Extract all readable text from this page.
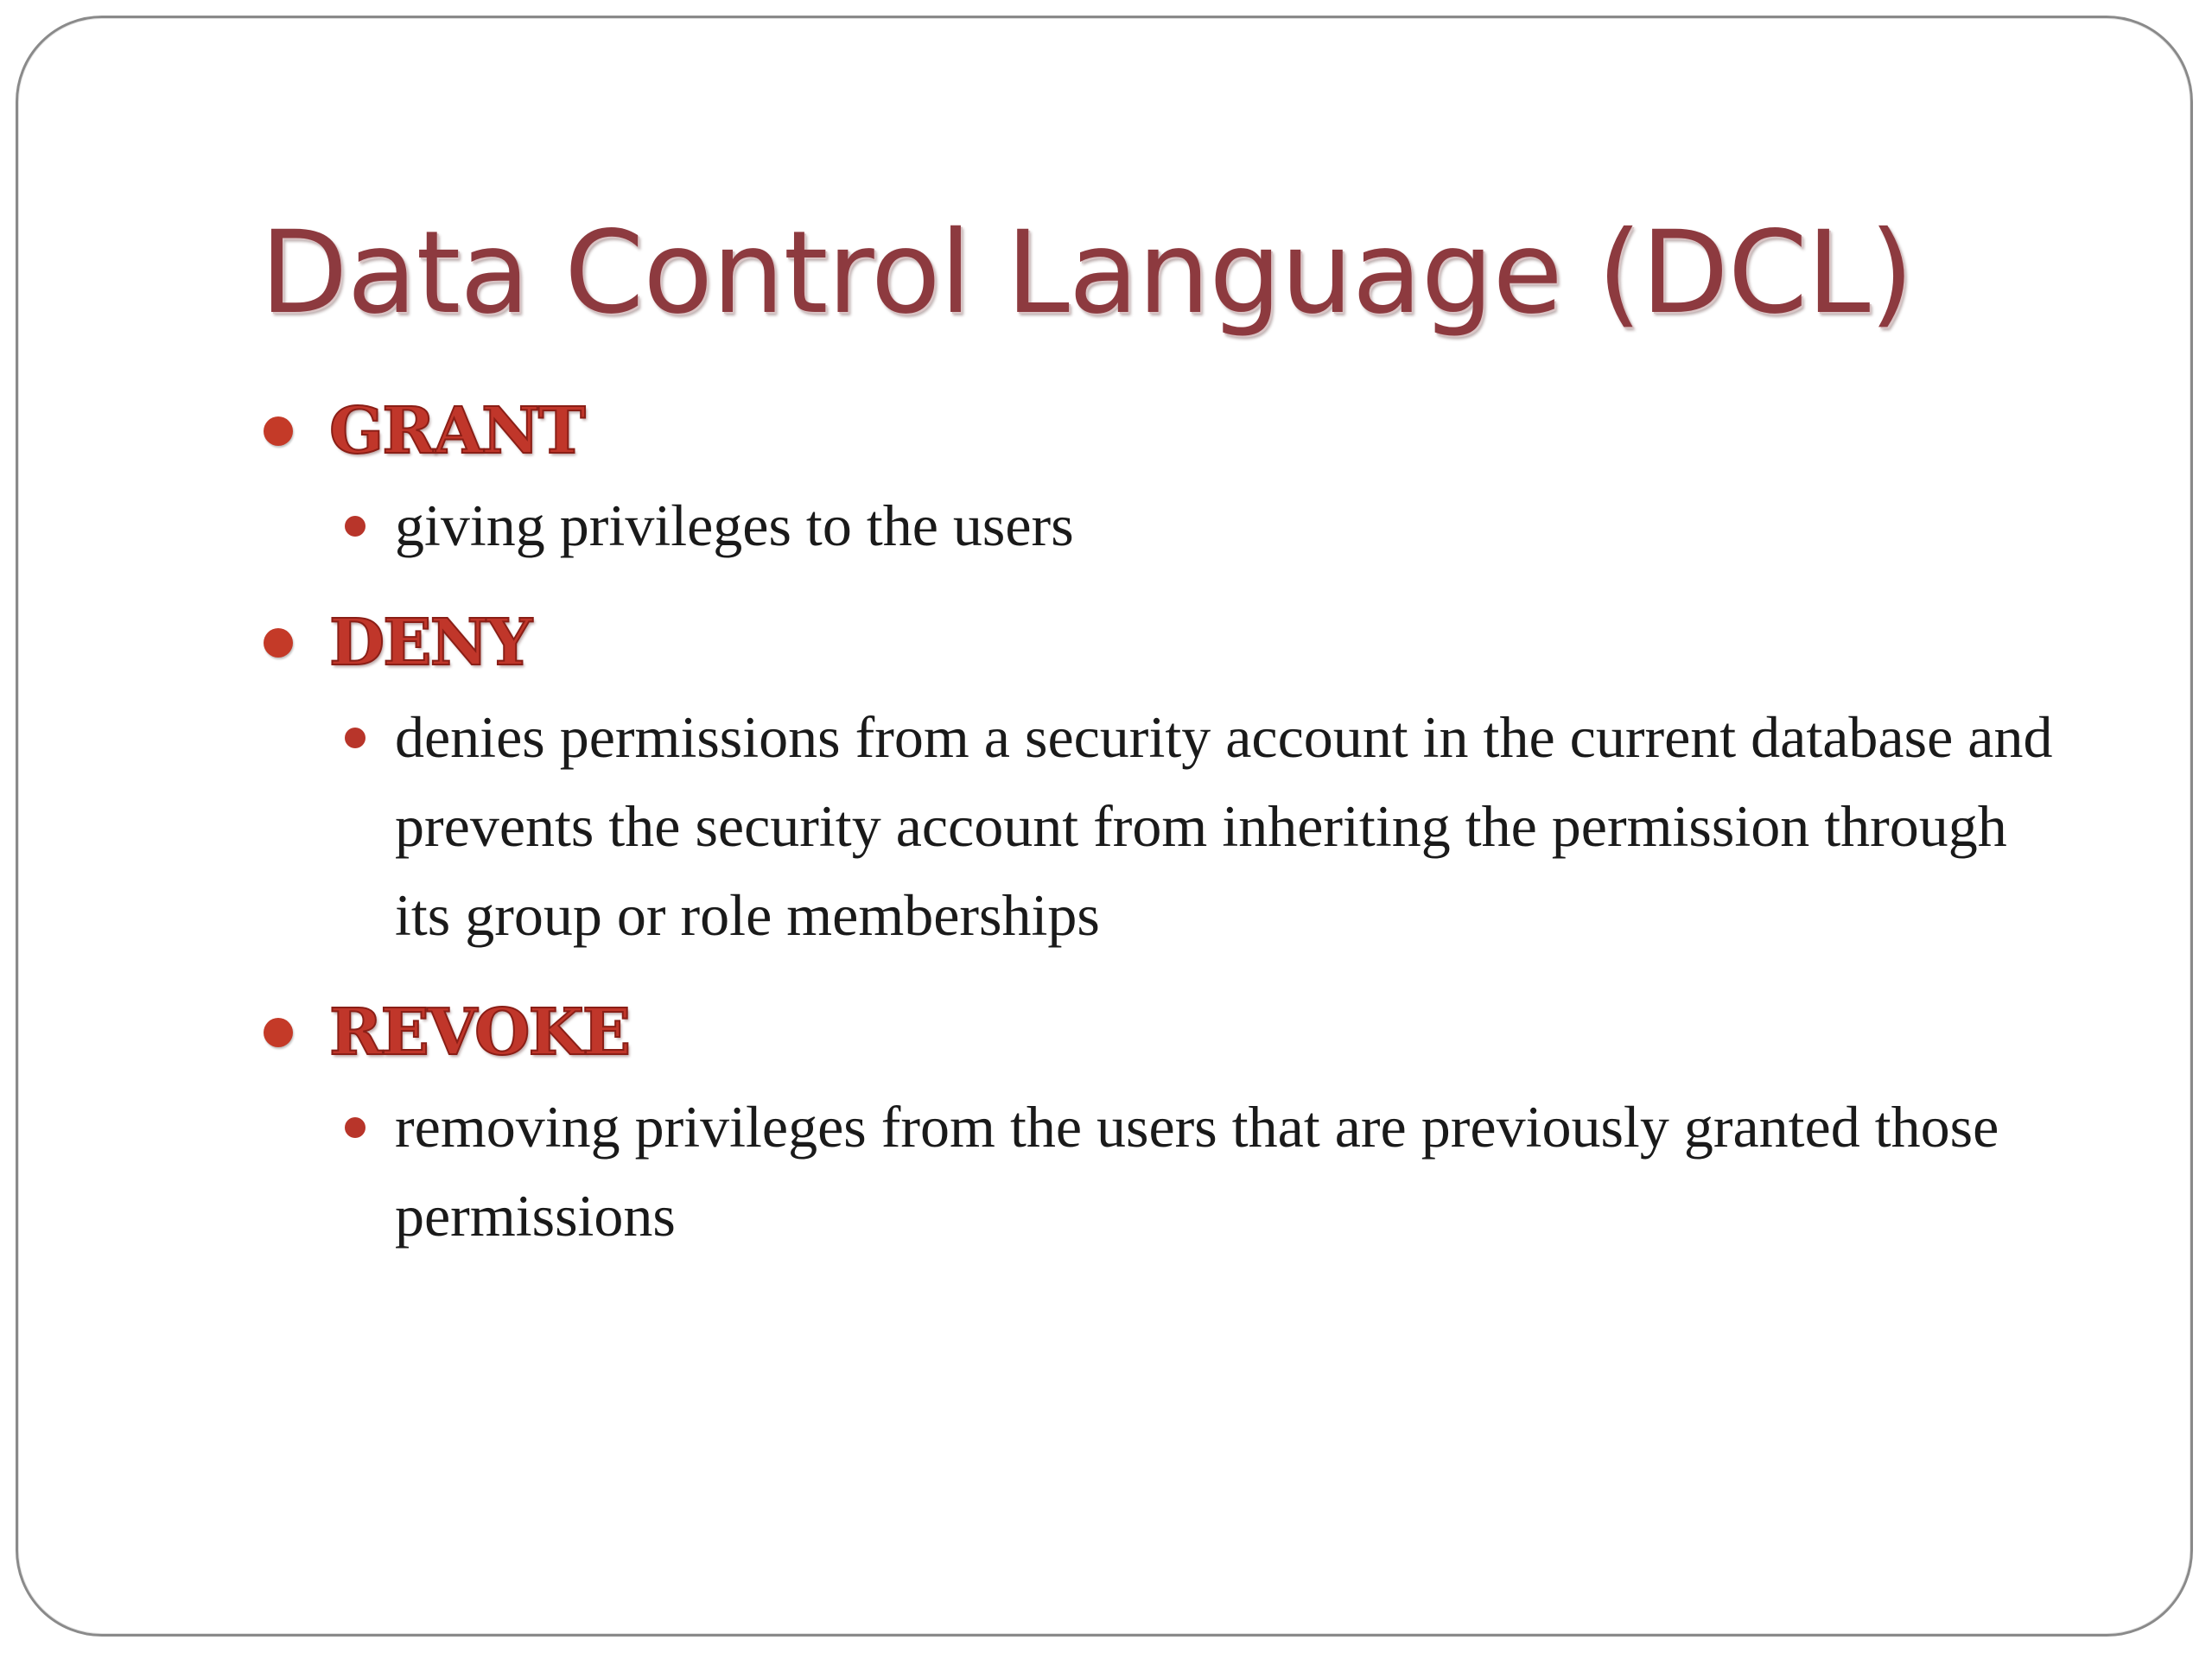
Data Control Language (DCL)
GRANT
giving privileges to the users
DENY
denies permissions from a security account in the current database and prevents the security account from inheriting the permission through its group or role memberships
REVOKE
removing privileges from the users that are previously granted those permissions
